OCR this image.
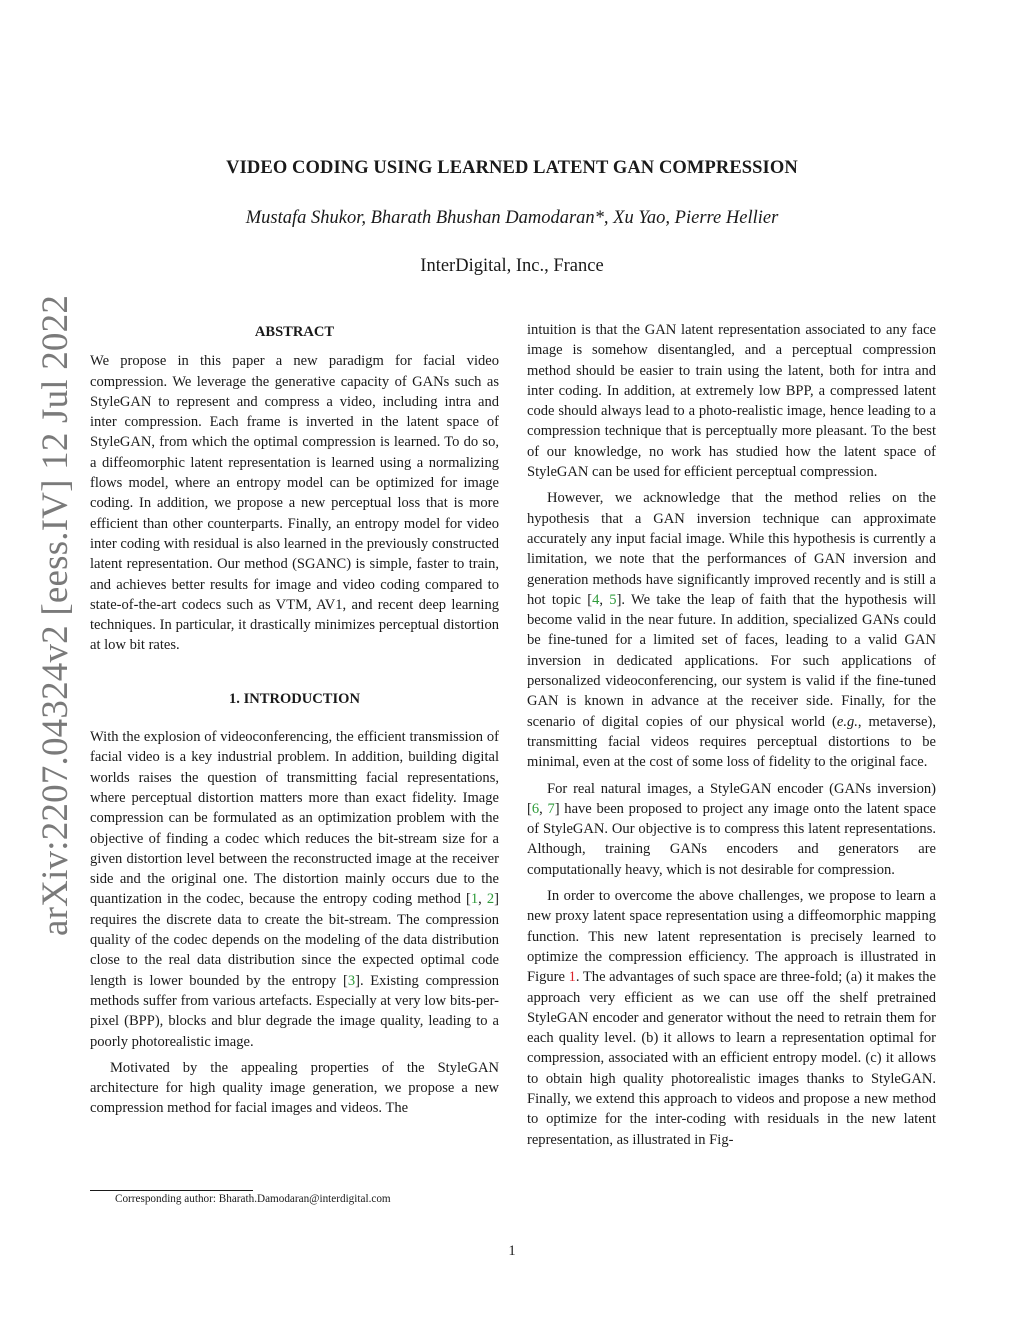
VIDEO CODING USING LEARNED LATENT GAN COMPRESSION
Mustafa Shukor, Bharath Bhushan Damodaran*, Xu Yao, Pierre Hellier
InterDigital, Inc., France
arXiv:2207.04324v2 [eess.IV] 12 Jul 2022	ABSTRACT

We propose in this paper a new paradigm for facial video compression. We leverage the generative capacity of GANs such as StyleGAN to represent and compress a video, including intra and inter compression. Each frame is inverted in the latent space of StyleGAN, from which the optimal compression is learned. To do so, a diffeomorphic latent representation is learned using a normalizing flows model, where an entropy model can be optimized for image coding. In addition, we propose a new perceptual loss that is more efficient than other counterparts. Finally, an entropy model for video inter coding with residual is also learned in the previously constructed latent representation. Our method (SGANC) is simple, faster to train, and achieves better results for image and video coding compared to state-of-the-art codecs such as VTM, AV1, and recent deep learning techniques. In particular, it drastically minimizes perceptual distortion at low bit rates.

1. INTRODUCTION

With the explosion of videoconferencing, the efficient transmission of facial video is a key industrial problem. In addition, building digital worlds raises the question of transmitting facial representations, where perceptual distortion matters more than exact fidelity. Image compression can be formulated as an optimization problem with the objective of finding a codec which reduces the bit-stream size for a given distortion level between the reconstructed image at the receiver side and the original one. The distortion mainly occurs due to the quantization in the codec, because the entropy coding method [1, 2] requires the discrete data to create the bit-stream. The compression quality of the codec depends on the modeling of the data distribution close to the real data distribution since the expected optimal code length is lower bounded by the entropy [3]. Existing compression methods suffer from various artefacts. Especially at very low bits-per-pixel (BPP), blocks and blur degrade the image quality, leading to a poorly photorealistic image.

Motivated by the appealing properties of the StyleGAN architecture for high quality image generation, we propose a new compression method for facial images and videos. The

intuition is that the GAN latent representation associated to any face image is somehow disentangled, and a perceptual compression method should be easier to train using the latent, both for intra and inter coding. In addition, at extremely low BPP, a compressed latent code should always lead to a photo-realistic image, hence leading to a compression technique that is perceptually more pleasant. To the best of our knowledge, no work has studied how the latent space of StyleGAN can be used for efficient perceptual compression.

However, we acknowledge that the method relies on the hypothesis that a GAN inversion technique can approximate accurately any input facial image. While this hypothesis is currently a limitation, we note that the performances of GAN inversion and generation methods have significantly improved recently and is still a hot topic [4, 5]. We take the leap of faith that the hypothesis will become valid in the near future. In addition, specialized GANs could be fine-tuned for a limited set of faces, leading to a valid GAN inversion in dedicated applications. For such applications of personalized videoconferencing, our system is valid if the fine-tuned GAN is known in advance at the receiver side. Finally, for the scenario of digital copies of our physical world (e.g., metaverse), transmitting facial videos requires perceptual distortions to be minimal, even at the cost of some loss of fidelity to the original face.

For real natural images, a StyleGAN encoder (GANs inversion) [6, 7] have been proposed to project any image onto the latent space of StyleGAN. Our objective is to compress this latent representations. Although, training GANs encoders and generators are computationally heavy, which is not desirable for compression.

In order to overcome the above challenges, we propose to learn a new proxy latent space representation using a diffeomorphic mapping function. This new latent representation is precisely learned to optimize the compression efficiency. The approach is illustrated in Figure 1. The advantages of such space are three-fold; (a) it makes the approach very efficient as we can use off the shelf pretrained StyleGAN encoder and generator without the need to retrain them for each quality level. (b) it allows to learn a representation optimal for compression, associated with an efficient entropy model. (c) it allows to obtain high quality photorealistic images thanks to StyleGAN. Finally, we extend this approach to videos and propose a new method to optimize for the inter-coding with residuals in the new latent representation, as illustrated in Fig-

Corresponding author: Bharath.Damodaran@interdigital.com
1
